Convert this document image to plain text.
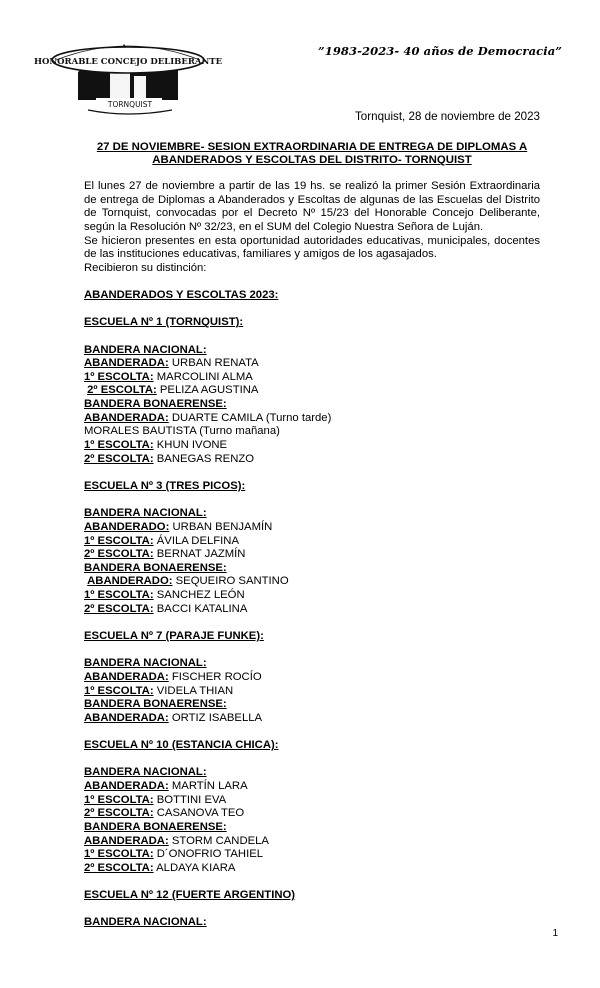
HONORABLE CONCEJO DELIBERANTE
TORNQUIST
”1983-2023- 40 años de Democracia”
Tornquist, 28 de noviembre de 2023
27 DE NOVIEMBRE- SESION EXTRAORDINARIA DE ENTREGA DE DIPLOMAS A ABANDERADOS Y ESCOLTAS DEL DISTRITO- TORNQUIST

El lunes 27 de noviembre a partir de las 19 hs. se realizó la primer Sesión Extraordinaria de entrega de Diplomas a Abanderados y Escoltas de algunas de las Escuelas del Distrito de Tornquist, convocadas por el Decreto Nº 15/23 del Honorable Concejo Deliberante, según la Resolución Nº 32/23, en el SUM del Colegio Nuestra Señora de Luján.

Se hicieron presentes en esta oportunidad autoridades educativas, municipales, docentes de las instituciones educativas, familiares y amigos de los agasajados.

Recibieron su distinción:

ABANDERADOS Y ESCOLTAS 2023:
ESCUELA Nº 1 (TORNQUIST):
BANDERA NACIONAL:
ABANDERADA: URBAN RENATA
1º ESCOLTA: MARCOLINI ALMA
2º ESCOLTA: PELIZA AGUSTINA
BANDERA BONAERENSE:
ABANDERADA: DUARTE CAMILA (Turno tarde)
MORALES BAUTISTA (Turno mañana)
1º ESCOLTA: KHUN IVONE
2º ESCOLTA: BANEGAS RENZO
ESCUELA Nº 3 (TRES PICOS):
BANDERA NACIONAL:
ABANDERADO: URBAN BENJAMÍN
1º ESCOLTA: ÁVILA DELFINA
2º ESCOLTA: BERNAT JAZMÍN
BANDERA BONAERENSE:
ABANDERADO: SEQUEIRO SANTINO
1º ESCOLTA: SANCHEZ LEÓN
2º ESCOLTA: BACCI KATALINA
ESCUELA Nº 7 (PARAJE FUNKE):
BANDERA NACIONAL:
ABANDERADA: FISCHER ROCÍO
1º ESCOLTA: VIDELA THIAN
BANDERA BONAERENSE:
ABANDERADA: ORTIZ ISABELLA
ESCUELA Nº 10 (ESTANCIA CHICA):
BANDERA NACIONAL:
ABANDERADA: MARTÍN LARA
1º ESCOLTA: BOTTINI EVA
2º ESCOLTA: CASANOVA TEO
BANDERA BONAERENSE:
ABANDERADA: STORM CANDELA
1º ESCOLTA: D´ONOFRIO TAHIEL
2º ESCOLTA: ALDAYA KIARA
ESCUELA Nº 12 (FUERTE ARGENTINO)
BANDERA NACIONAL:
1
